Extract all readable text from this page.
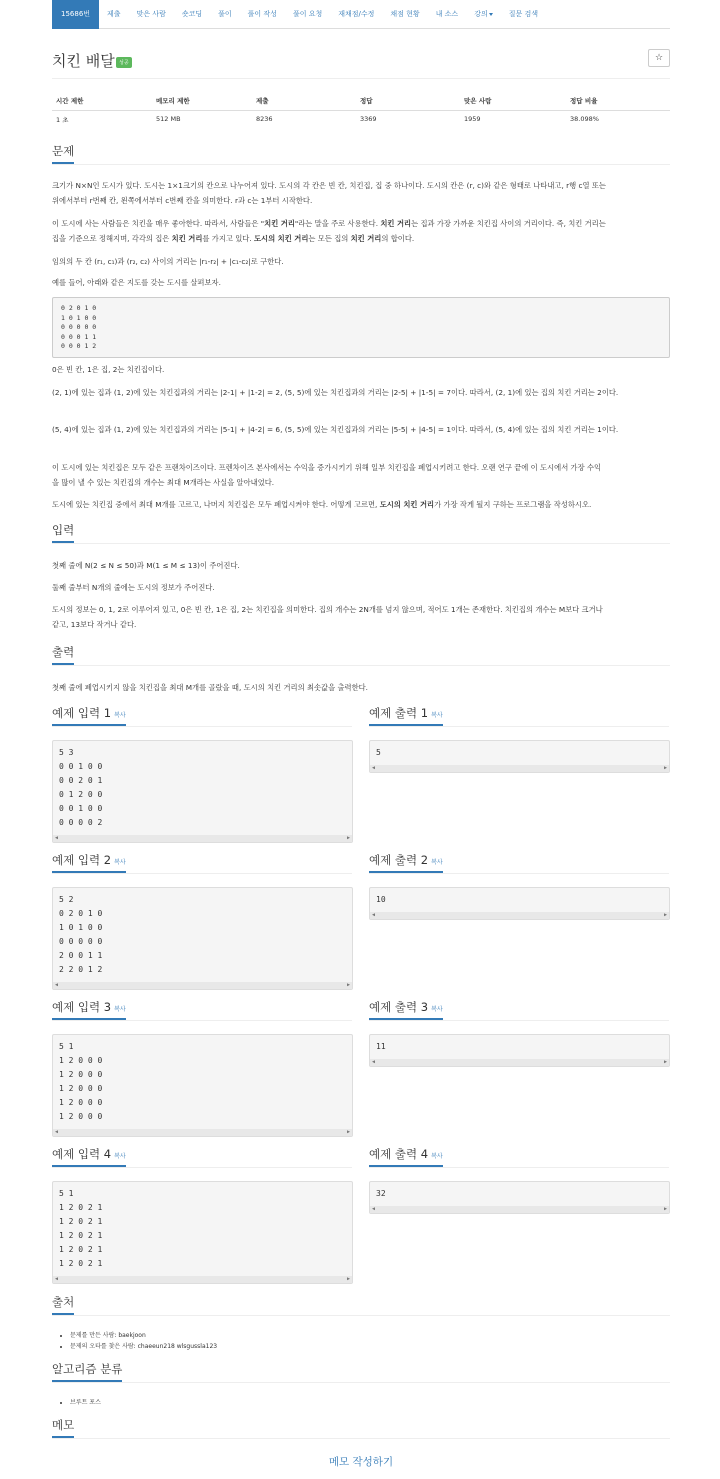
15686번	제출	맞은 사람	숏코딩	풀이	풀이 작성	풀이 요청	재채점/수정	채점 현황	내 소스	강의	질문 검색
치킨 배달 성공	☆
시간 제한	메모리 제한	제출	정답	맞은 사람	정답 비율
1 초	512 MB	8236	3369	1959	38.098%
문제
크기가 N×N인 도시가 있다. 도시는 1×1크기의 칸으로 나누어져 있다. 도시의 각 칸은 빈 칸, 치킨집, 집 중 하나이다. 도시의 칸은 (r, c)와 같은 형태로 나타내고, r행 c열 또는
위에서부터 r번째 칸, 왼쪽에서부터 c번째 칸을 의미한다. r과 c는 1부터 시작한다.
이 도시에 사는 사람들은 치킨을 매우 좋아한다. 따라서, 사람들은 "치킨 거리"라는 말을 주로 사용한다. 치킨 거리는 집과 가장 가까운 치킨집 사이의 거리이다. 즉, 치킨 거리는
집을 기준으로 정해지며, 각각의 집은 치킨 거리를 가지고 있다. 도시의 치킨 거리는 모든 집의 치킨 거리의 합이다.
임의의 두 칸 (r₁, c₁)과 (r₂, c₂) 사이의 거리는 |r₁-r₂| + |c₁-c₂|로 구한다.
예를 들어, 아래와 같은 지도를 갖는 도시를 살펴보자.
0 2 0 1 0
1 0 1 0 0
0 0 0 0 0
0 0 0 1 1
0 0 0 1 2
0은 빈 칸, 1은 집, 2는 치킨집이다.
(2, 1)에 있는 집과 (1, 2)에 있는 치킨집과의 거리는 |2-1| + |1-2| = 2, (5, 5)에 있는 치킨집과의 거리는 |2-5| + |1-5| = 7이다. 따라서, (2, 1)에 있는 집의 치킨 거리는 2이다.
(5, 4)에 있는 집과 (1, 2)에 있는 치킨집과의 거리는 |5-1| + |4-2| = 6, (5, 5)에 있는 치킨집과의 거리는 |5-5| + |4-5| = 1이다. 따라서, (5, 4)에 있는 집의 치킨 거리는 1이다.
이 도시에 있는 치킨집은 모두 같은 프랜차이즈이다. 프렌차이즈 본사에서는 수익을 증가시키기 위해 일부 치킨집을 폐업시키려고 한다. 오랜 연구 끝에 이 도시에서 가장 수익
을 많이 낼 수 있는 치킨집의 개수는 최대 M개라는 사실을 알아내었다.
도시에 있는 치킨집 중에서 최대 M개를 고르고, 나머지 치킨집은 모두 폐업시켜야 한다. 어떻게 고르면, 도시의 치킨 거리가 가장 작게 될지 구하는 프로그램을 작성하시오.
입력
첫째 줄에 N(2 ≤ N ≤ 50)과 M(1 ≤ M ≤ 13)이 주어진다.
둘째 줄부터 N개의 줄에는 도시의 정보가 주어진다.
도시의 정보는 0, 1, 2로 이루어져 있고, 0은 빈 칸, 1은 집, 2는 치킨집을 의미한다. 집의 개수는 2N개를 넘지 않으며, 적어도 1개는 존재한다. 치킨집의 개수는 M보다 크거나
같고, 13보다 작거나 같다.
출력
첫째 줄에 폐업시키지 않을 치킨집을 최대 M개를 골랐을 때, 도시의 치킨 거리의 최솟값을 출력한다.
예제 입력 1 복사	예제 출력 1 복사
5 3
0 0 1 0 0
0 0 2 0 1
0 1 2 0 0
0 0 1 0 0
0 0 0 0 2
◀	▶
5
◀	▶
예제 입력 2 복사	예제 출력 2 복사
5 2
0 2 0 1 0
1 0 1 0 0
0 0 0 0 0
2 0 0 1 1
2 2 0 1 2
◀	▶
10
◀	▶
예제 입력 3 복사	예제 출력 3 복사
5 1
1 2 0 0 0
1 2 0 0 0
1 2 0 0 0
1 2 0 0 0
1 2 0 0 0
◀	▶
11
◀	▶
예제 입력 4 복사	예제 출력 4 복사
5 1
1 2 0 2 1
1 2 0 2 1
1 2 0 2 1
1 2 0 2 1
1 2 0 2 1
◀	▶
32
◀	▶
출처
• 문제를 만든 사람: baekjoon
• 문제의 오타를 찾은 사람: chaeeun218 wlsgussla123
알고리즘 분류
• 브루트 포스
메모
메모 작성하기
